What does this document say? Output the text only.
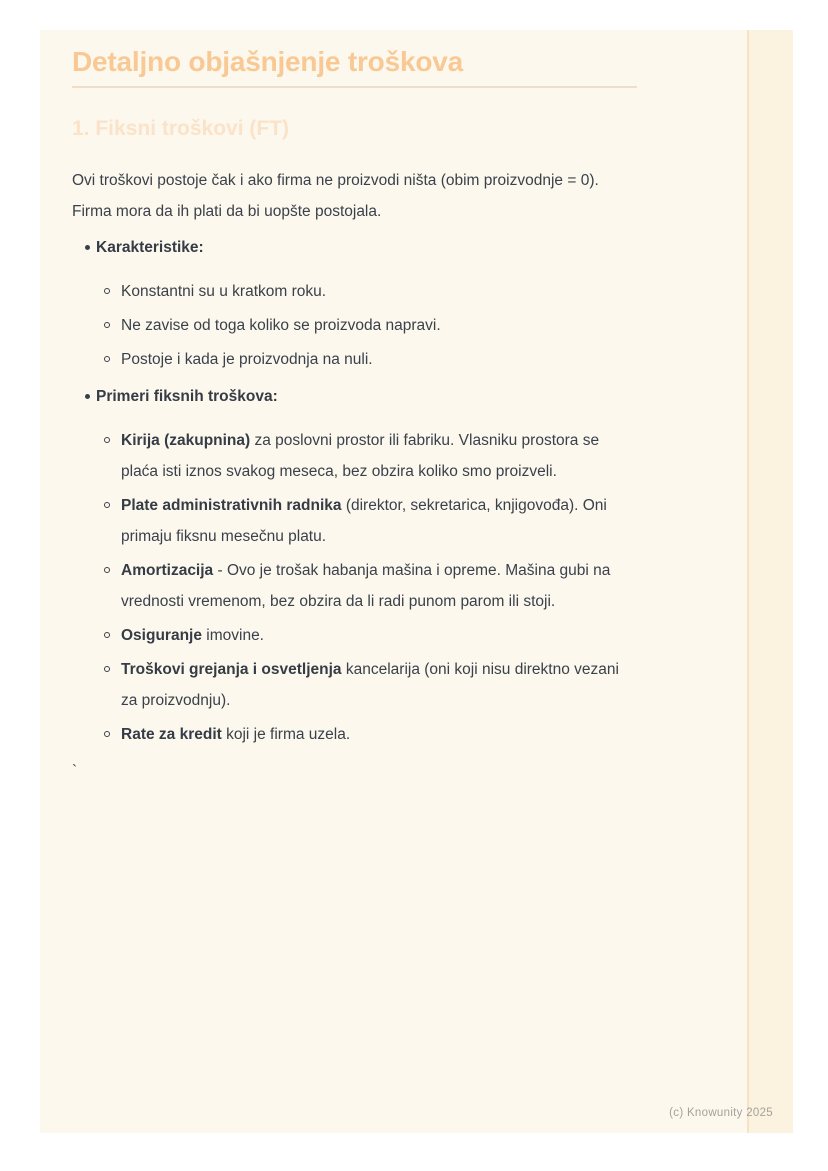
Detaljno objašnjenje troškova
1. Fiksni troškovi (FT)

Ovi troškovi postoje čak i ako firma ne proizvodi ništa (obim proizvodnje = 0).
Firma mora da ih plati da bi uopšte postojala.

Karakteristike:
Konstantni su u kratkom roku.
Ne zavise od toga koliko se proizvoda napravi.
Postoje i kada je proizvodnja na nuli.
Primeri fiksnih troškova:
Kirija (zakupnina) za poslovni prostor ili fabriku. Vlasniku prostora se plaća isti iznos svakog meseca, bez obzira koliko smo proizveli.
Plate administrativnih radnika (direktor, sekretarica, knjigovođa). Oni primaju fiksnu mesečnu platu.
Amortizacija - Ovo je trošak habanja mašina i opreme. Mašina gubi na vrednosti vremenom, bez obzira da li radi punom parom ili stoji.
Osiguranje imovine.
Troškovi grejanja i osvetljenja kancelarija (oni koji nisu direktno vezani za proizvodnju).
Rate za kredit koji je firma uzela.

`

(c) Knowunity 2025
